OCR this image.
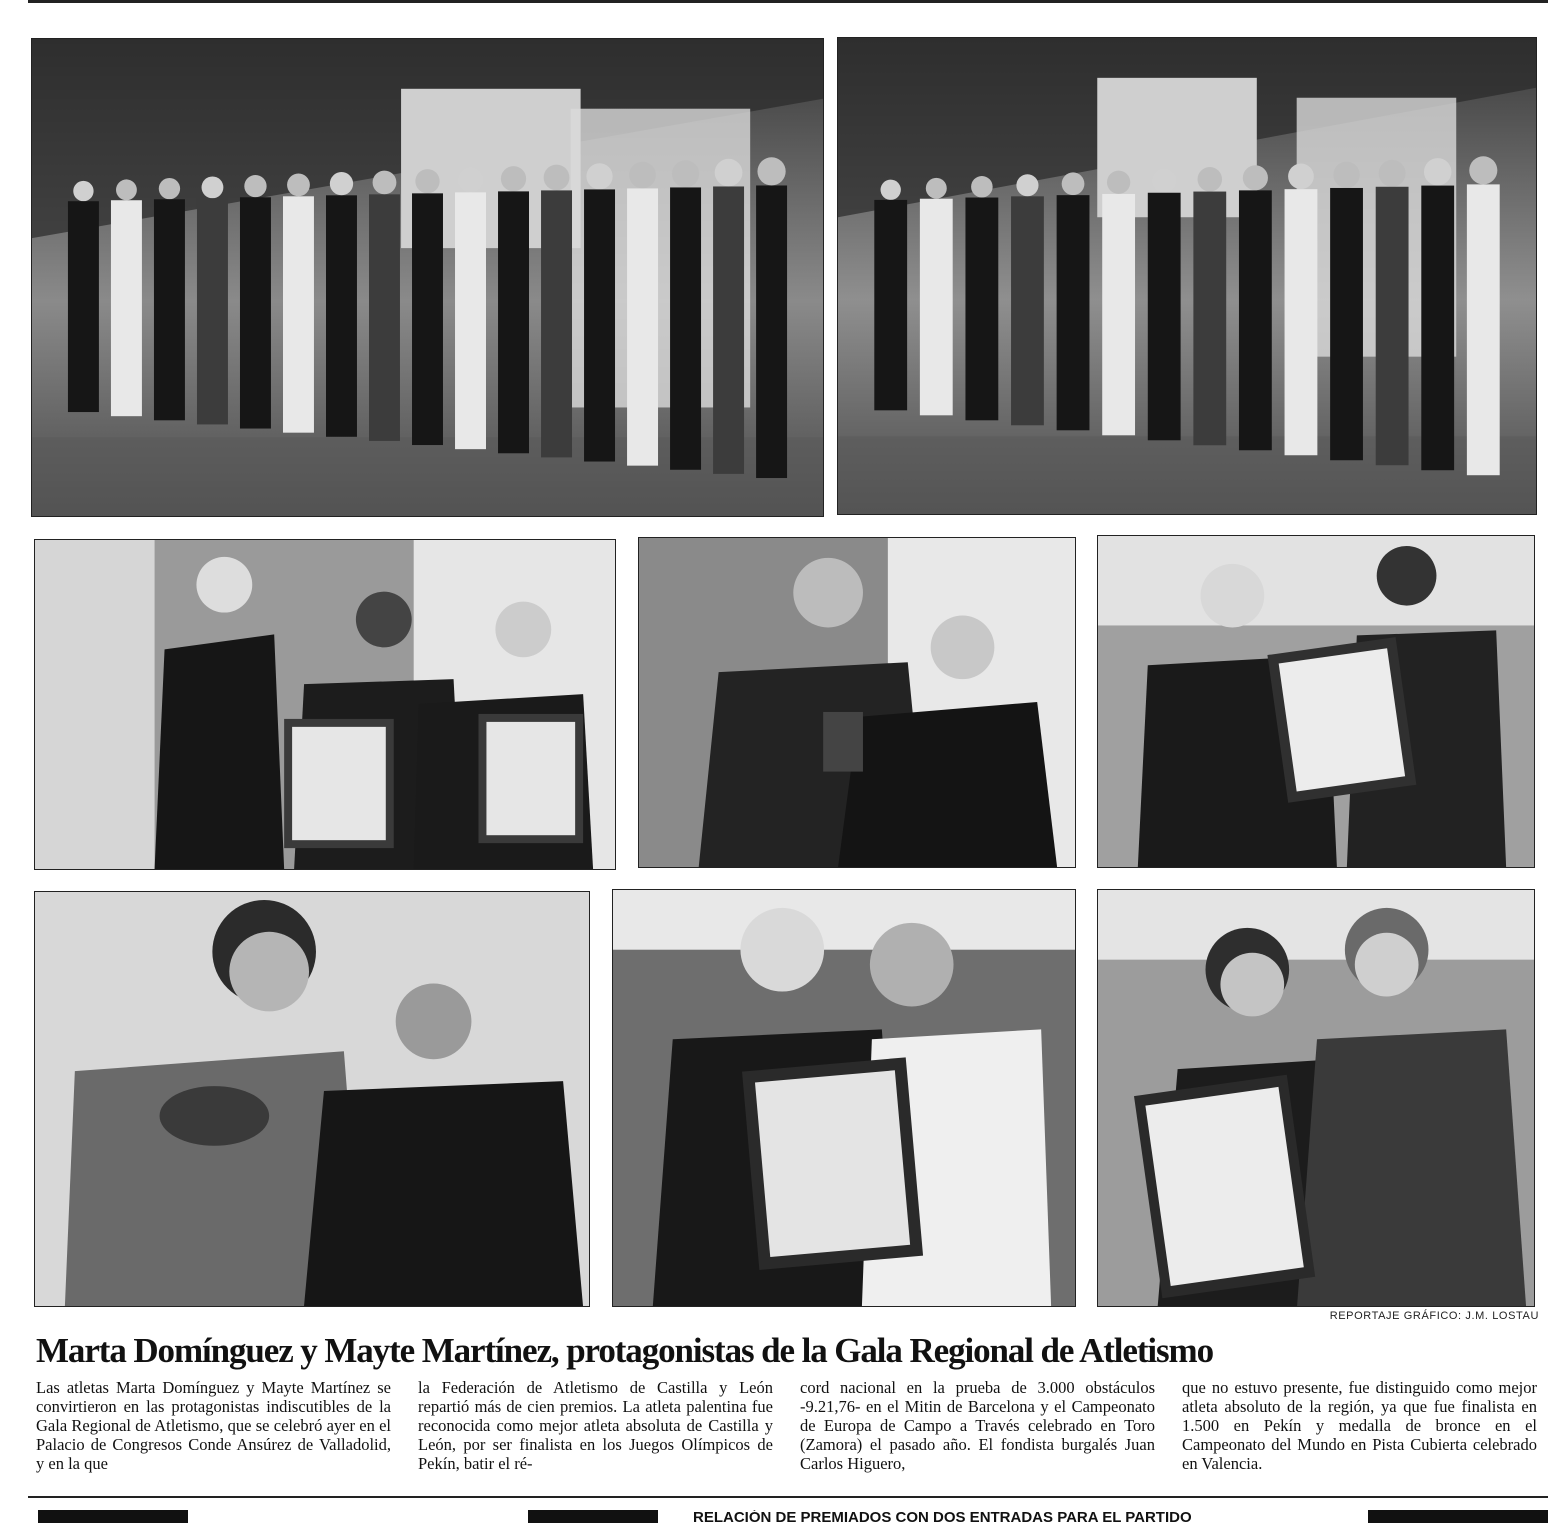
REPORTAJE GRÁFICO: J.M. LOSTAU
Marta Domínguez y Mayte Martínez, protagonistas de la Gala Regional de Atletismo

Las atletas Marta Domínguez y Mayte Martínez se convirtieron en las protagonistas indiscutibles de la Gala Regional de Atletismo, que se celebró ayer en el Palacio de Congresos Conde Ansúrez de Valladolid, y en la que

la Federación de Atletismo de Castilla y León repartió más de cien premios. La atleta palentina fue reconocida como mejor atleta absoluta de Castilla y León, por ser finalista en los Juegos Olímpicos de Pekín, batir el ré-

cord nacional en la prueba de 3.000 obstáculos -9.21,76- en el Mitin de Barcelona y el Campeonato de Europa de Campo a Través celebrado en Toro (Zamora) el pasado año. El fondista burgalés Juan Carlos Higuero,

que no estuvo presente, fue distinguido como mejor atleta absoluto de la región, ya que fue finalista en 1.500 en Pekín y medalla de bronce en el Campeonato del Mundo en Pista Cubierta celebrado en Valencia.

RELACIÓN DE PREMIADOS CON DOS ENTRADAS PARA EL PARTIDO
